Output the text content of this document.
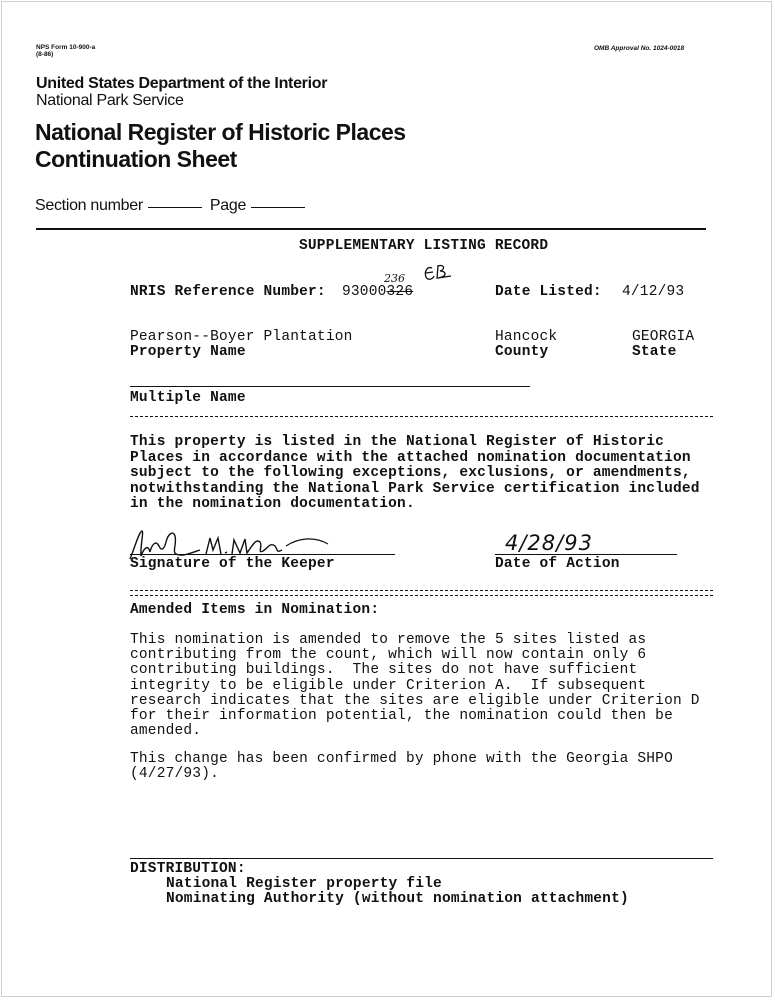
NPS Form 10-900-a
(8-86)
OMB Approval No. 1024-0018
United States Department of the Interior
National Park Service
National Register of Historic Places
Continuation Sheet
Section number	Page
SUPPLEMENTARY LISTING RECORD
NRIS Reference Number: 93000326
236
Date Listed: 4/12/93
Pearson--Boyer Plantation
Property Name
Hancock
County
GEORGIA
State
Multiple Name
This property is listed in the National Register of Historic
Places in accordance with the attached nomination documentation
subject to the following exceptions, exclusions, or amendments,
notwithstanding the National Park Service certification included
in the nomination documentation.
Signature of the Keeper
4/28/93
Date of Action
Amended Items in Nomination:
This nomination is amended to remove the 5 sites listed as
contributing from the count, which will now contain only 6
contributing buildings.  The sites do not have sufficient
integrity to be eligible under Criterion A.  If subsequent
research indicates that the sites are eligible under Criterion D
for their information potential, the nomination could then be
amended.
This change has been confirmed by phone with the Georgia SHPO
(4/27/93).
DISTRIBUTION:
National Register property file
Nominating Authority (without nomination attachment)
